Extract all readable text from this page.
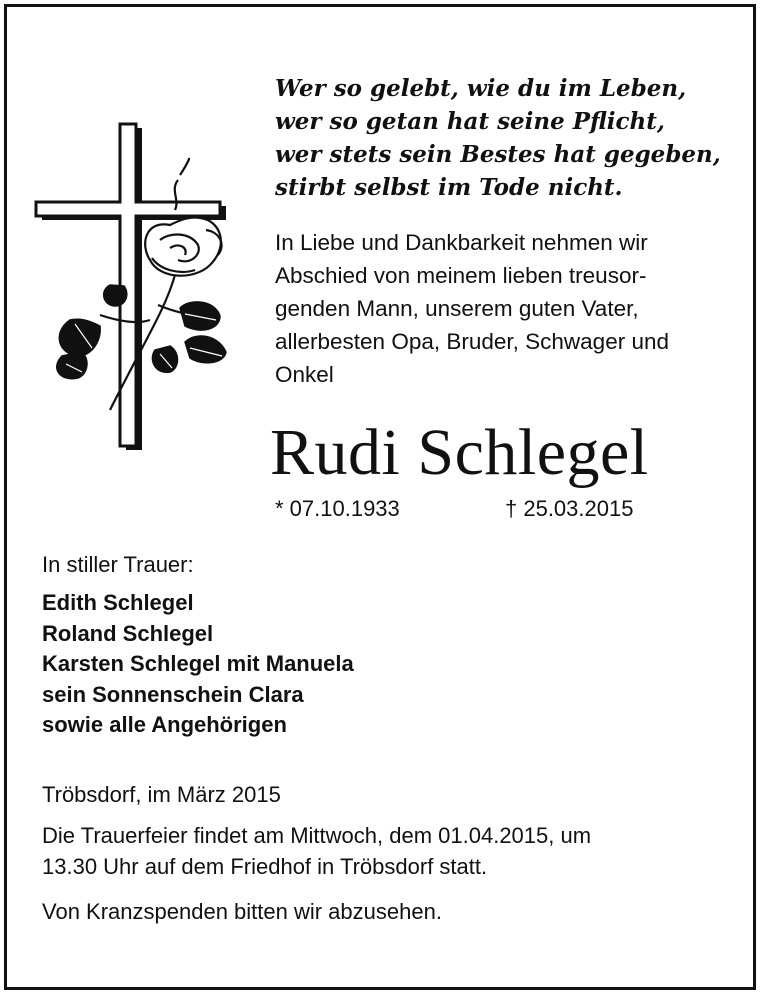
Wer so gelebt, wie du im Leben,
wer so getan hat seine Pflicht,
wer stets sein Bestes hat gegeben,
stirbt selbst im Tode nicht.
In Liebe und Dankbarkeit nehmen wir
Abschied von meinem lieben treusor-
genden Mann, unserem guten Vater,
allerbesten Opa, Bruder, Schwager und
Onkel
Rudi Schlegel
* 07.10.1933	† 25.03.2015
In stiller Trauer:
Edith Schlegel
Roland Schlegel
Karsten Schlegel mit Manuela
sein Sonnenschein Clara
sowie alle Angehörigen
Tröbsdorf, im März 2015
Die Trauerfeier findet am Mittwoch, dem 01.04.2015, um
13.30 Uhr auf dem Friedhof in Tröbsdorf statt.
Von Kranzspenden bitten wir abzusehen.
